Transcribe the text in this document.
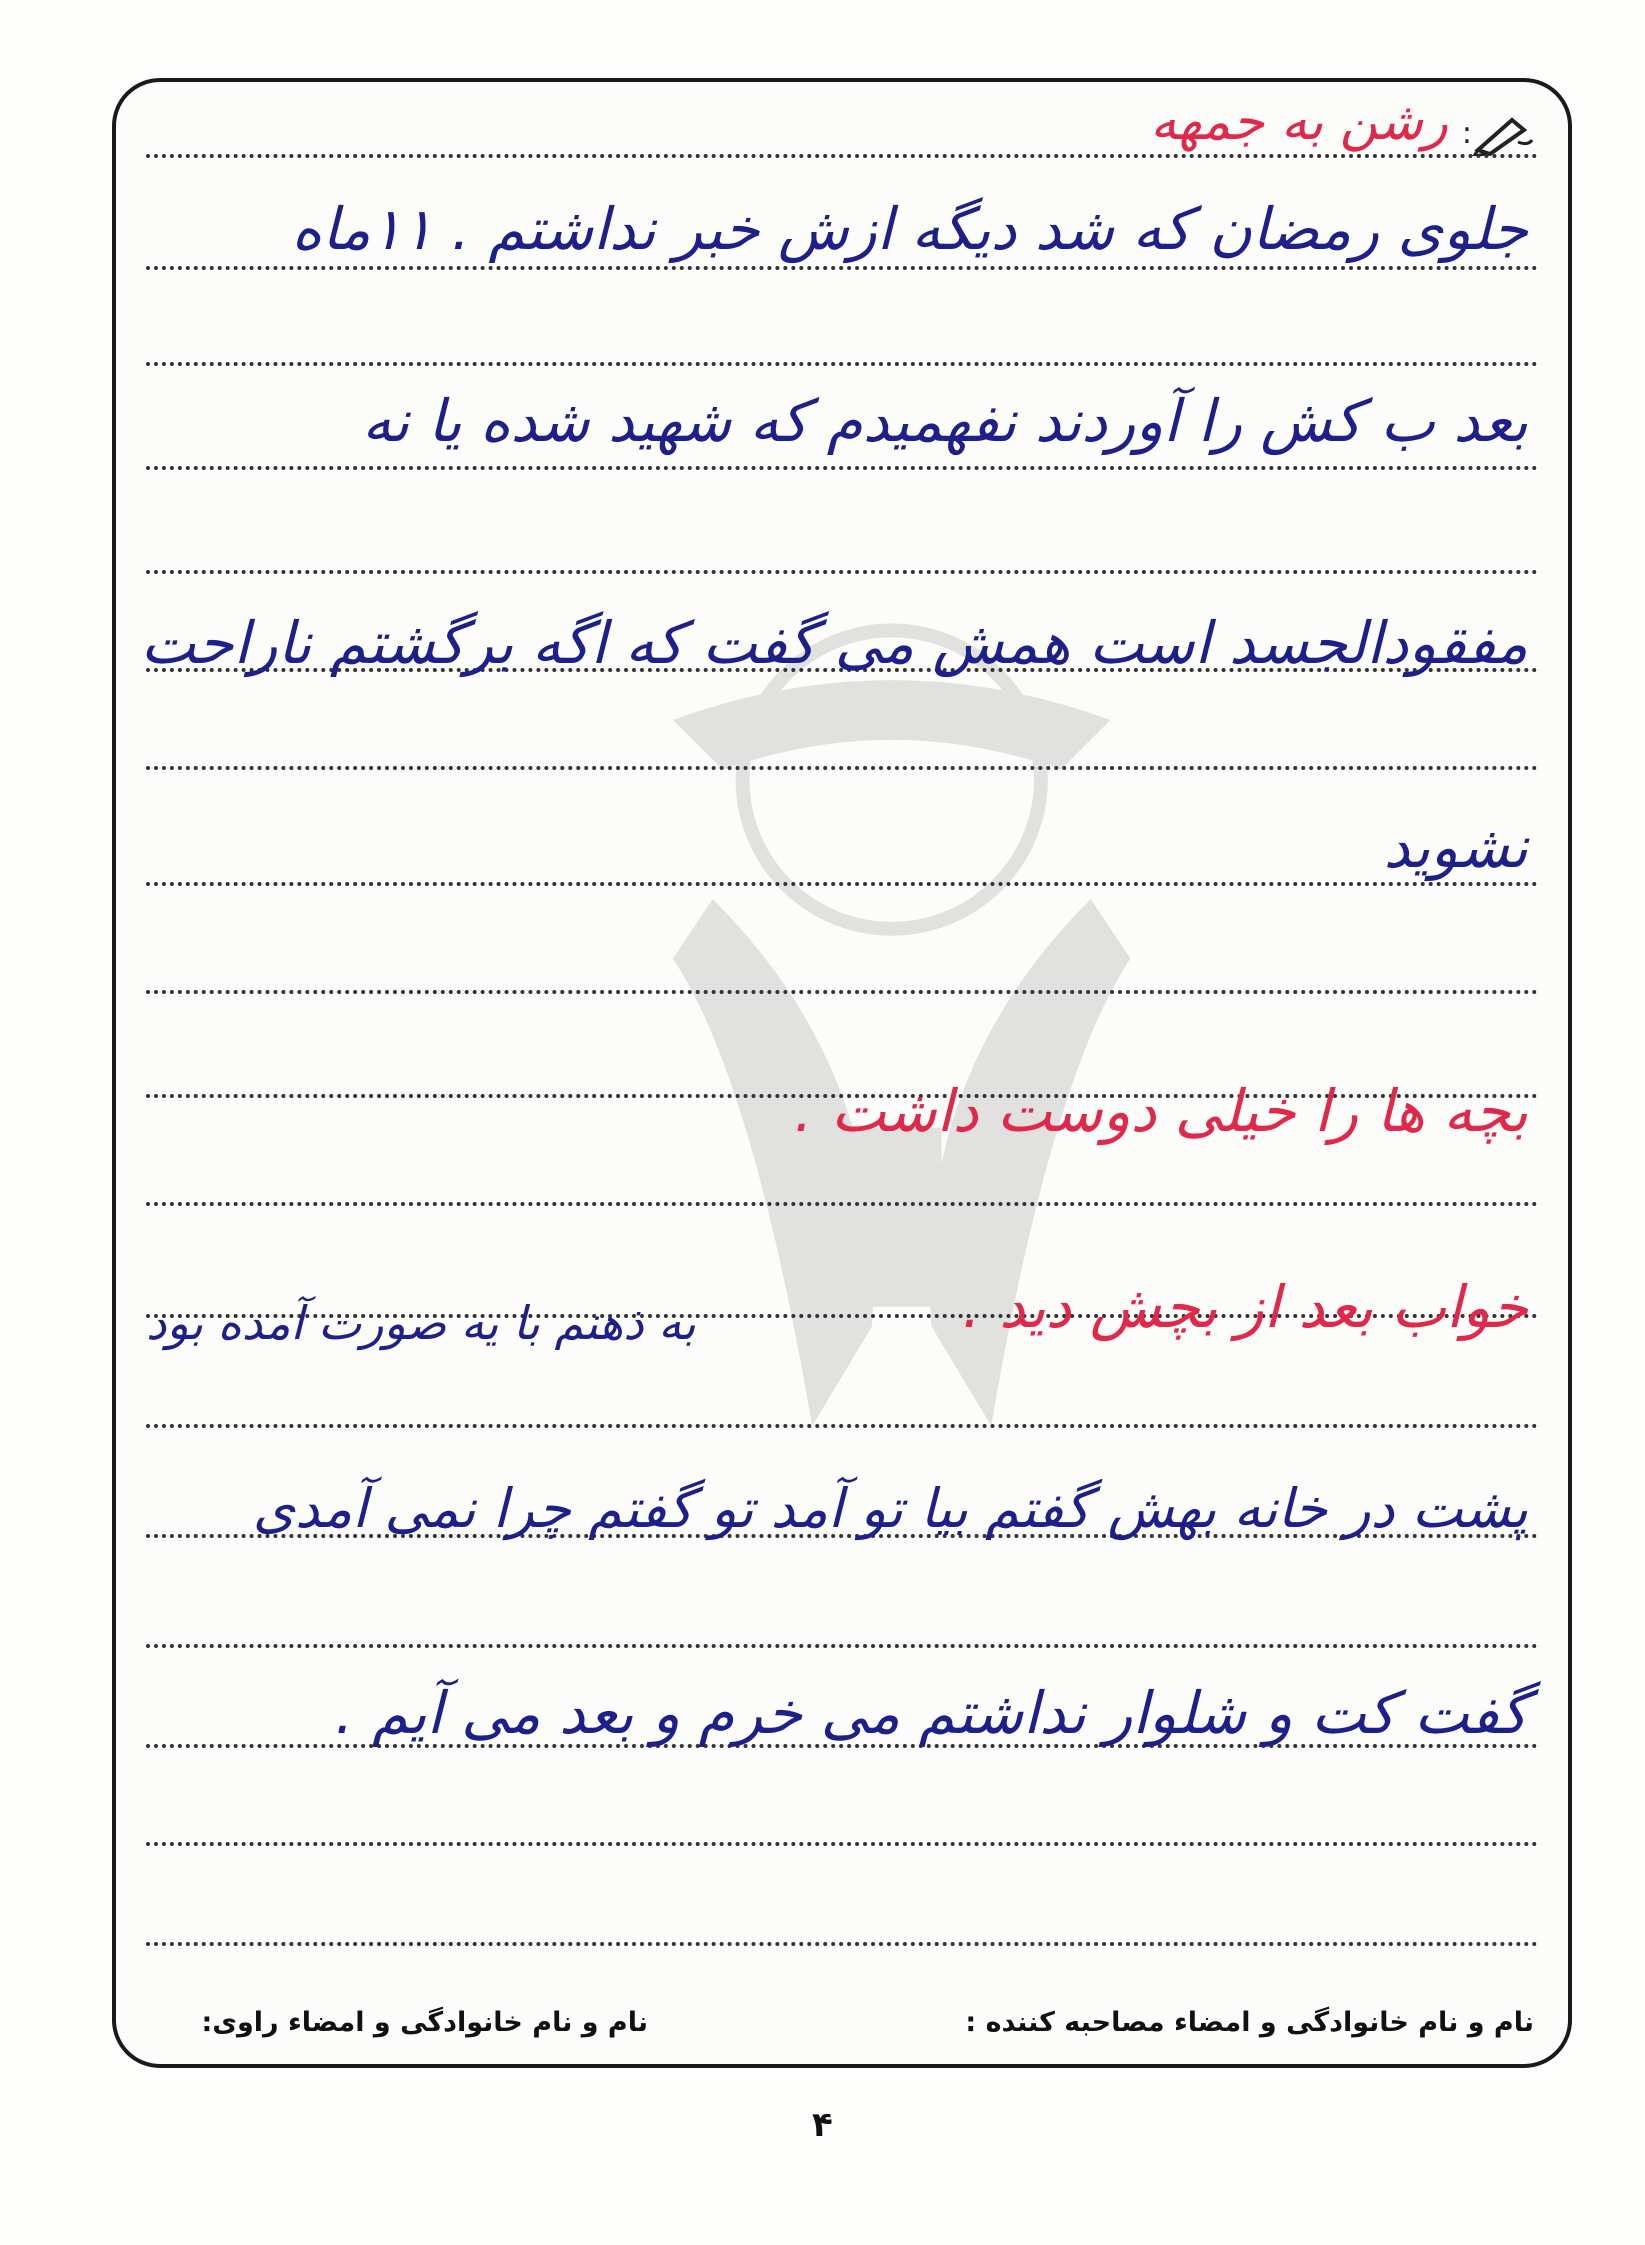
:
رشن به جمهه
جلوی رمضان که شد دیگه ازش خبر نداشتم . ۱۱ماه
بعد ب کش را آوردند نفهمیدم که شهید شده یا نه
مفقودالجسد است همش می گفت که اگه برگشتم ناراحت
نشوید
بچه ها را خیلی دوست داشت .
خواب بعد از بچش دید .
به ذهنم با یه صورت آمده بود
پشت در خانه بهش گفتم بیا تو آمد تو گفتم چرا نمی آمدی
گفت کت و شلوار نداشتم می خرم و بعد می آیم .
نام و نام خانوادگی و امضاء مصاحبه کننده :
نام و نام خانوادگی و امضاء راوی:
۴
